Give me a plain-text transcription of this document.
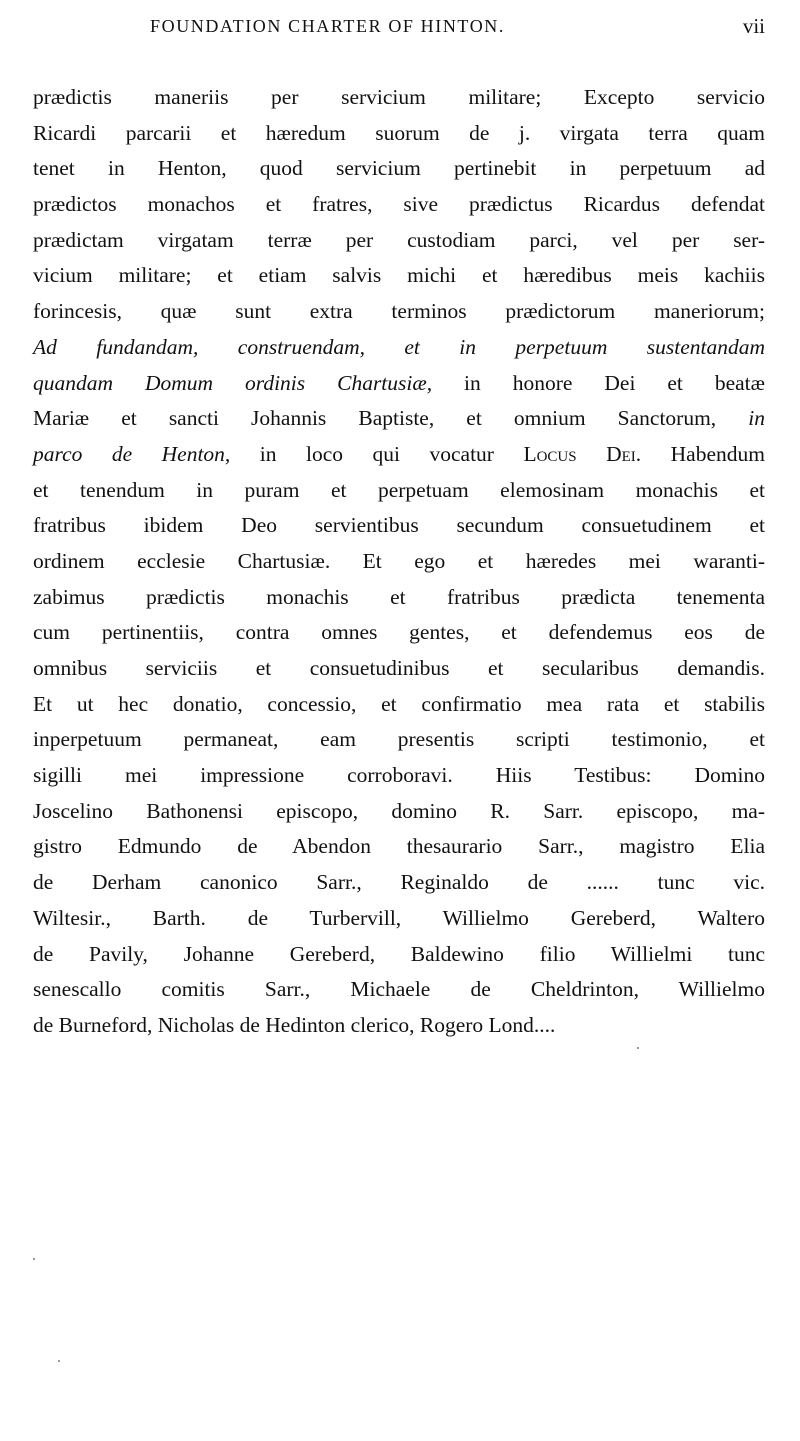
FOUNDATION CHARTER OF HINTON.	vii
prædictis maneriis per servicium militare; Excepto servicio
Ricardi parcarii et hæredum suorum de j. virgata terra quam
tenet in Henton, quod servicium pertinebit in perpetuum ad
prædictos monachos et fratres, sive prædictus Ricardus defendat
prædictam virgatam terræ per custodiam parci, vel per ser-
vicium militare; et etiam salvis michi et hæredibus meis kachiis
forincesis, quæ sunt extra terminos prædictorum maneriorum;
Ad fundandam, construendam, et in perpetuum sustentandam
quandam Domum ordinis Chartusiæ, in honore Dei et beatæ
Mariæ et sancti Johannis Baptiste, et omnium Sanctorum, in
parco de Henton, in loco qui vocatur Locus Dei. Habendum
et tenendum in puram et perpetuam elemosinam monachis et
fratribus ibidem Deo servientibus secundum consuetudinem et
ordinem ecclesie Chartusiæ. Et ego et hæredes mei waranti-
zabimus prædictis monachis et fratribus prædicta tenementa
cum pertinentiis, contra omnes gentes, et defendemus eos de
omnibus serviciis et consuetudinibus et secularibus demandis.
Et ut hec donatio, concessio, et confirmatio mea rata et stabilis
inperpetuum permaneat, eam presentis scripti testimonio, et
sigilli mei impressione corroboravi. Hiis Testibus: Domino
Joscelino Bathonensi episcopo, domino R. Sarr. episcopo, ma-
gistro Edmundo de Abendon thesaurario Sarr., magistro Elia
de Derham canonico Sarr., Reginaldo de ...... tunc vic.
Wiltesir., Barth. de Turbervill, Willielmo Gereberd, Waltero
de Pavily, Johanne Gereberd, Baldewino filio Willielmi tunc
senescallo comitis Sarr., Michaele de Cheldrinton, Willielmo
de Burneford, Nicholas de Hedinton clerico, Rogero Lond....
